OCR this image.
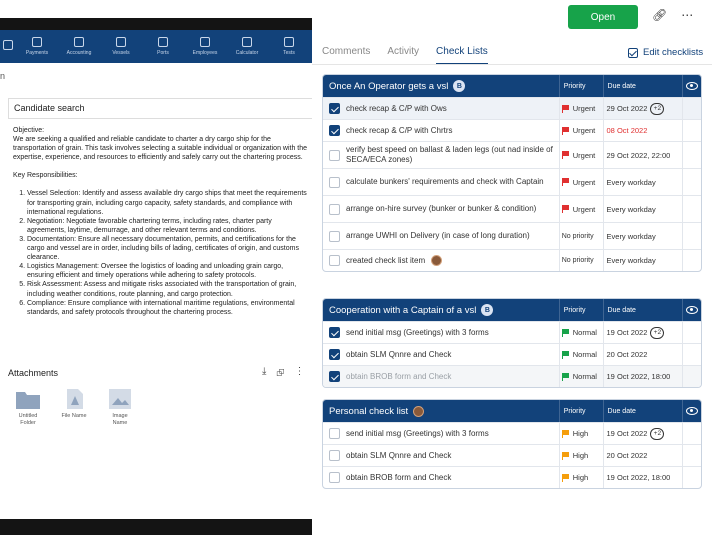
Payments	Accounting	Vessels	Ports	Employees	Calculator	Tests
n
Candidate search

Objective:

We are seeking a qualified and reliable candidate to charter a dry cargo ship for the transportation of grain. This task involves selecting a suitable individual or organization with the expertise, experience, and resources to efficiently and safely carry out the chartering process.

Key Responsibilities:

1. Vessel Selection: Identify and assess available dry cargo ships that meet the requirements for transporting grain, including cargo capacity, safety standards, and compliance with international regulations.
2. Negotiation: Negotiate favorable chartering terms, including rates, charter party agreements, laytime, demurrage, and other relevant terms and conditions.
3. Documentation: Ensure all necessary documentation, permits, and certifications for the cargo and vessel are in order, including bills of lading, certificates of origin, and customs clearance.
4. Logistics Management: Oversee the logistics of loading and unloading grain cargo, ensuring efficient and timely operations while adhering to safety protocols.
5. Risk Assessment: Assess and mitigate risks associated with the transportation of grain, including weather conditions, route planning, and cargo protection.
6. Compliance: Ensure compliance with international maritime regulations, environmental standards, and safety protocols throughout the chartering process.
Attachments	⤓ ⮺ ⋮
Untitled Folder
File Name	Image Name
Open	🔗︎ ⋯
Comments Activity Check Lists	Edit checklists
Once An Operator gets a vsl	B	Priority	Due date
check recap & C/P with Ows	Urgent 29 Oct 2022 +2
check recap & C/P with Chrtrs	Urgent 08 Oct 2022
verify best speed on ballast & laden legs (out nad inside of SECA/ECA zones)	Urgent 29 Oct 2022, 22:00
calculate bunkers' requirements and check with Captain	Urgent Every workday
arrange on-hire survey (bunker or bunker & condition)	Urgent Every workday
arrange UWHI on Delivery (in case of long duration)	No priority Every workday
created check list item	No priority Every workday
Cooperation with a Captain of a vsl	B	Priority	Due date
send initial msg (Greetings) with 3 forms	Normal 19 Oct 2022 +2
obtain SLM Qnnre and Check	Normal 20 Oct 2022
obtain BROB form and Check	Normal 19 Oct 2022, 18:00
Personal check list	Priority	Due date
send initial msg (Greetings) with 3 forms	High 19 Oct 2022 +2
obtain SLM Qnnre and Check	High 20 Oct 2022
obtain BROB form and Check	High 19 Oct 2022, 18:00
